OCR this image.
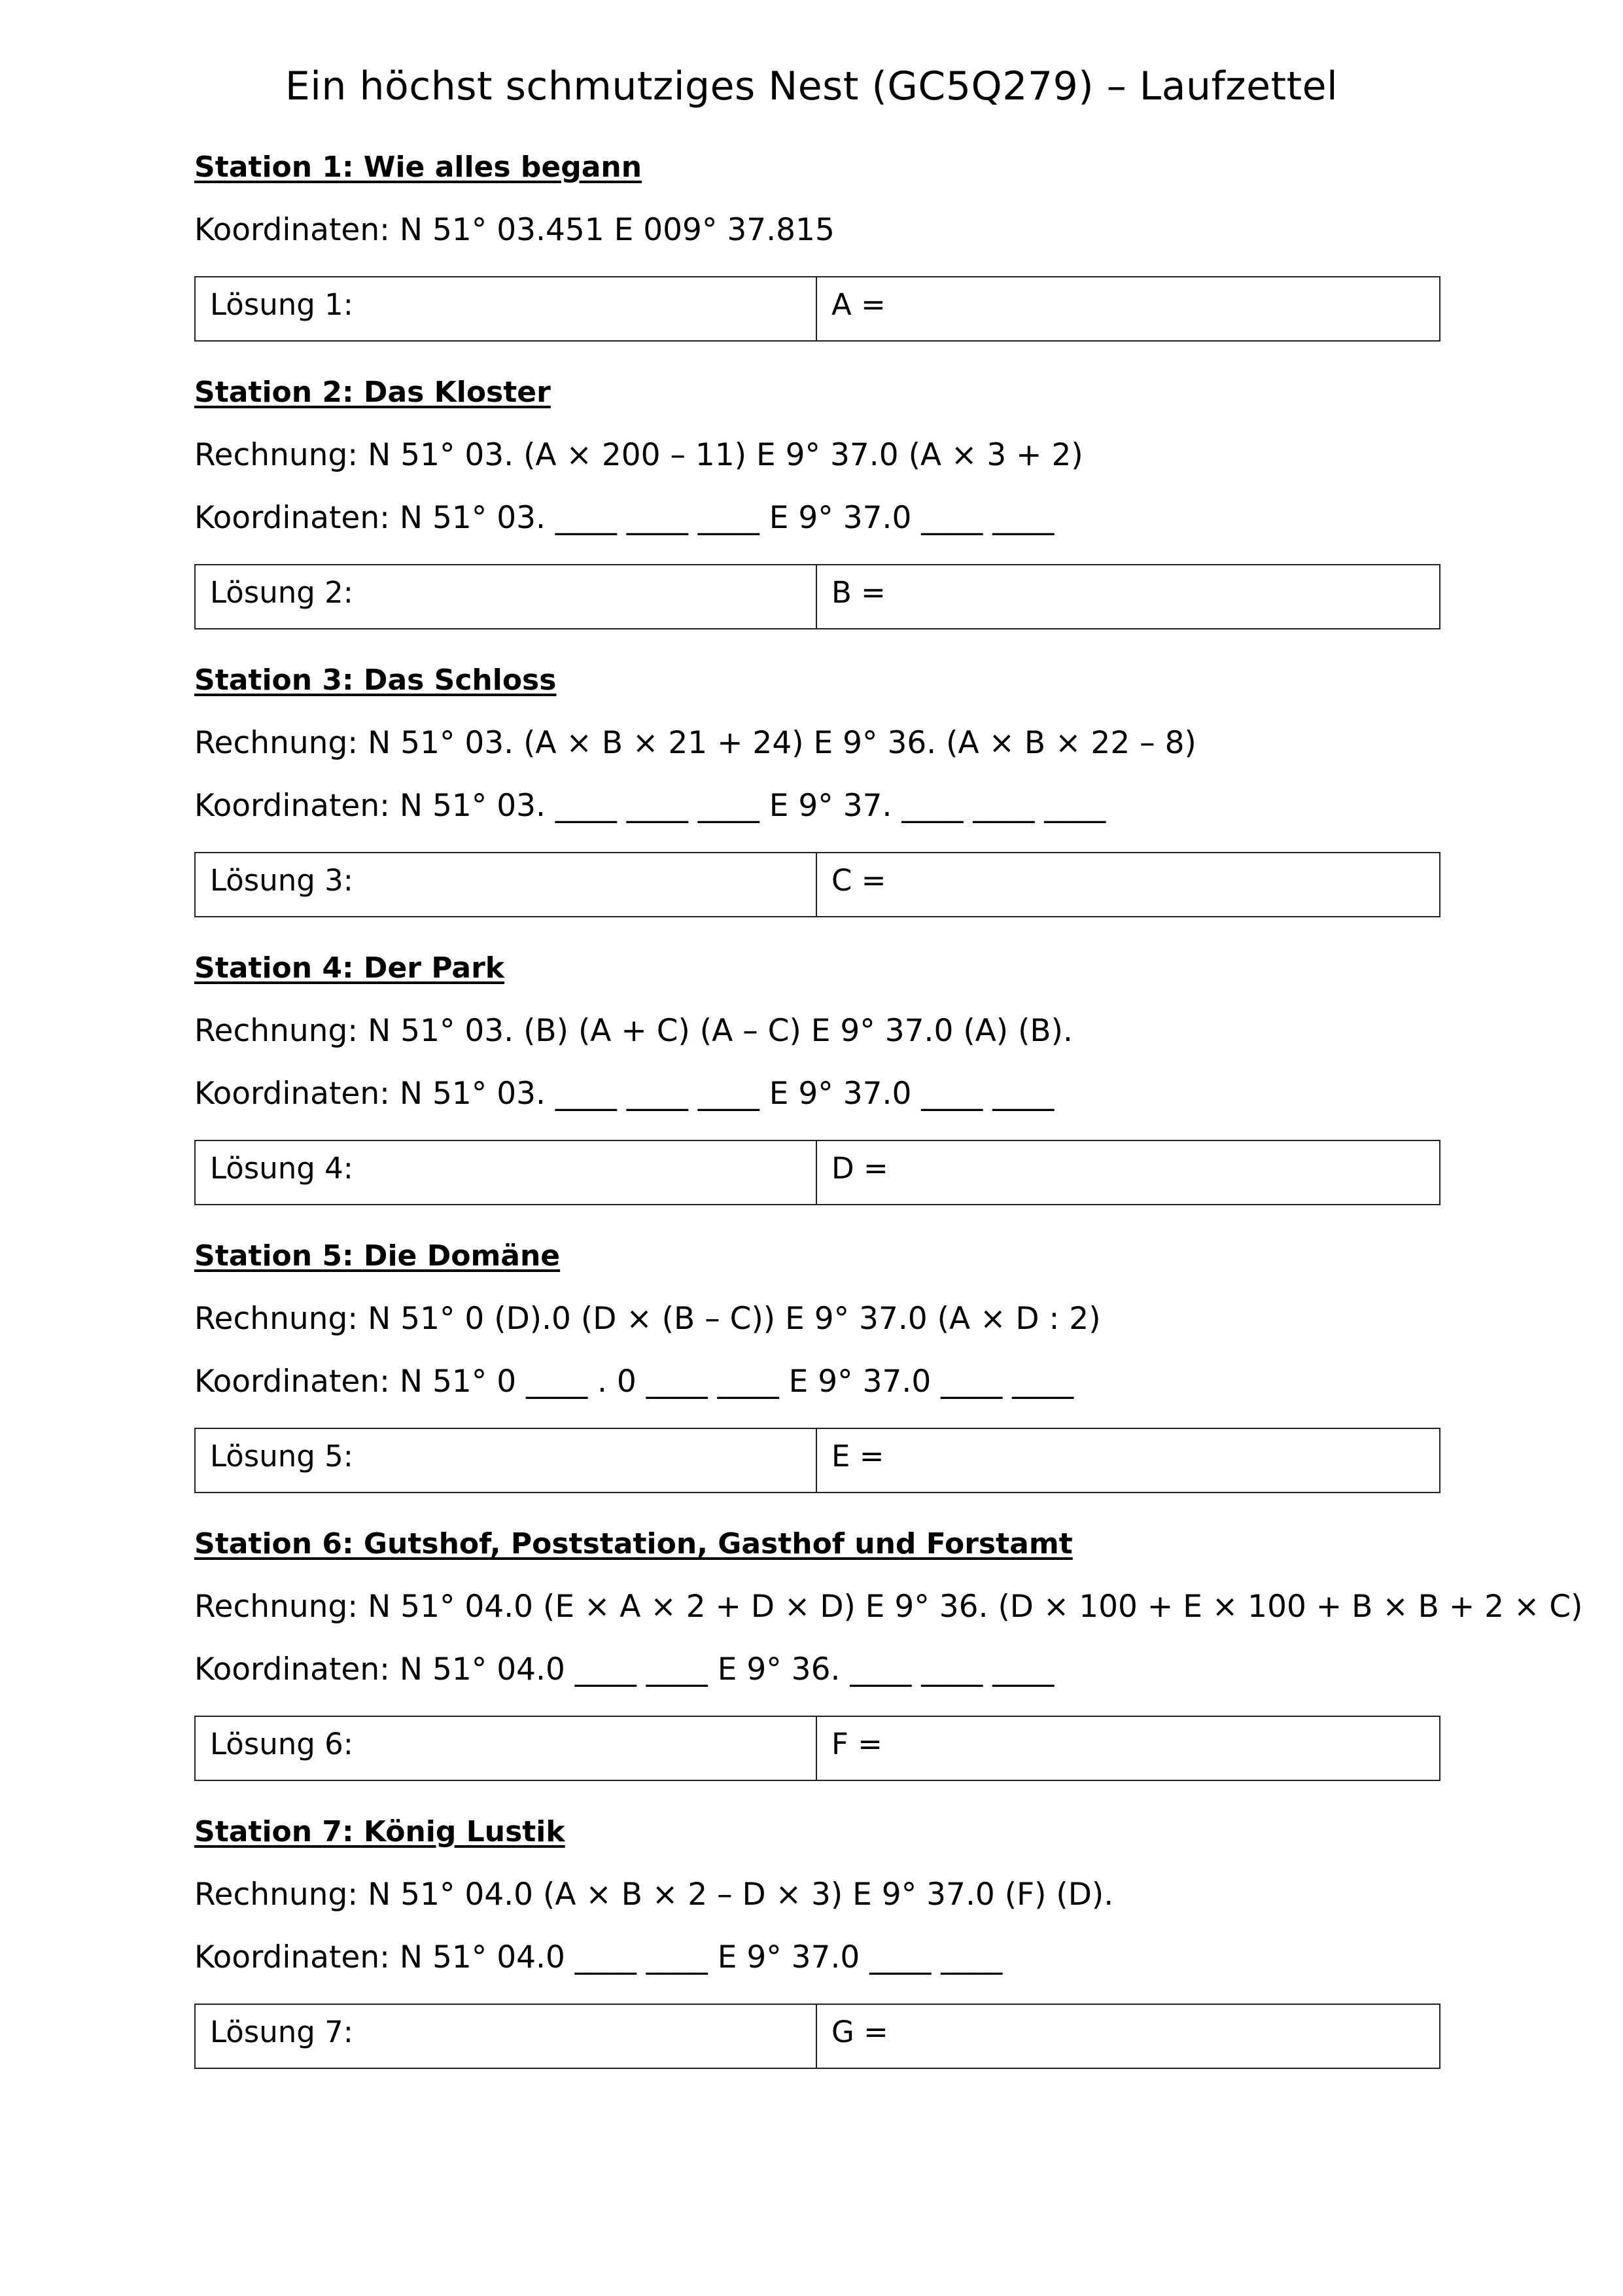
Ein höchst schmutziges Nest (GC5Q279) – Laufzettel
Station 1: Wie alles begann
Koordinaten: N 51° 03.451 E 009° 37.815
Lösung 1:	A =
Station 2: Das Kloster
Rechnung: N 51° 03. (A × 200 – 11) E 9° 37.0 (A × 3 + 2)
Koordinaten: N 51° 03. ____ ____ ____ E 9° 37.0 ____ ____
Lösung 2:	B =
Station 3: Das Schloss
Rechnung: N 51° 03. (A × B × 21 + 24) E 9° 36. (A × B × 22 – 8)
Koordinaten: N 51° 03. ____ ____ ____ E 9° 37. ____ ____ ____
Lösung 3:	C =
Station 4: Der Park
Rechnung: N 51° 03. (B) (A + C) (A – C) E 9° 37.0 (A) (B).
Koordinaten: N 51° 03. ____ ____ ____ E 9° 37.0 ____ ____
Lösung 4:	D =
Station 5: Die Domäne
Rechnung: N 51° 0 (D).0 (D × (B – C)) E 9° 37.0 (A × D : 2)
Koordinaten: N 51° 0 ____ . 0 ____ ____ E 9° 37.0 ____ ____
Lösung 5:	E =
Station 6: Gutshof, Poststation, Gasthof und Forstamt
Rechnung: N 51° 04.0 (E × A × 2 + D × D) E 9° 36. (D × 100 + E × 100 + B × B + 2 × C)
Koordinaten: N 51° 04.0 ____ ____ E 9° 36. ____ ____ ____
Lösung 6:	F =
Station 7: König Lustik
Rechnung: N 51° 04.0 (A × B × 2 – D × 3) E 9° 37.0 (F) (D).
Koordinaten: N 51° 04.0 ____ ____ E 9° 37.0 ____ ____
Lösung 7:	G =
